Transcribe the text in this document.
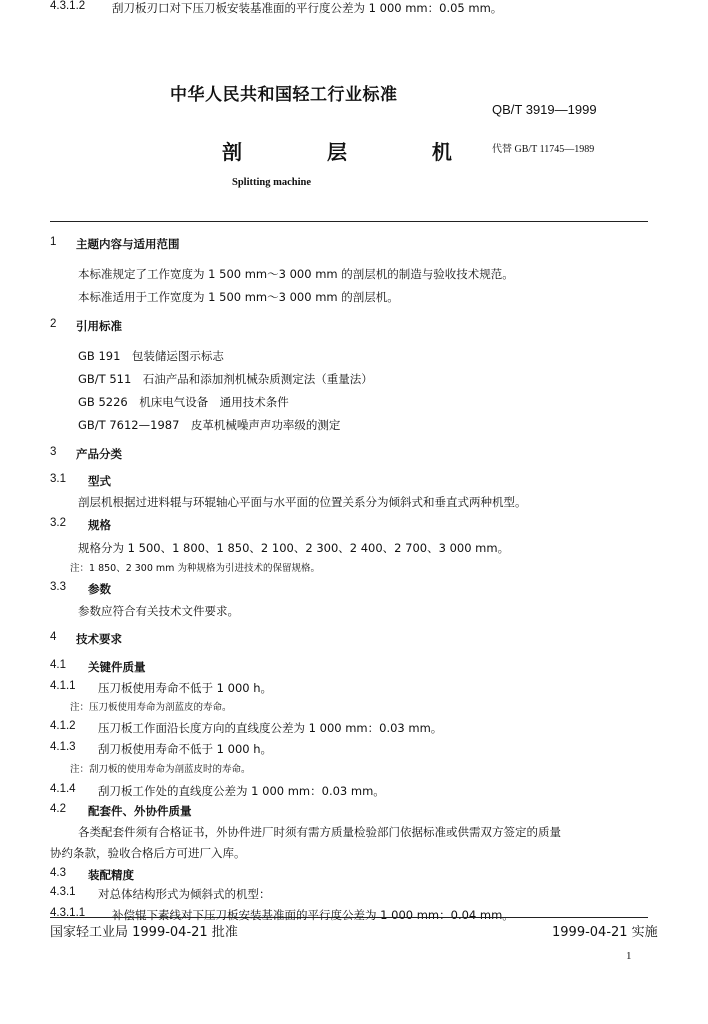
中华人民共和国轻工行业标准
QB/T 3919—1999
剖 层 机 代替 GB/T 11745—1989
Splitting machine
1 主题内容与适用范围
本标准规定了工作宽度为 1 500 mm～3 000 mm 的剖层机的制造与验收技术规范。
本标准适用于工作宽度为 1 500 mm～3 000 mm 的剖层机。
2 引用标准
GB 191　包装储运图示标志
GB/T 511　石油产品和添加剂机械杂质测定法（重量法）
GB 5226　机床电气设备　通用技术条件
GB/T 7612—1987　皮革机械噪声声功率级的测定
3 产品分类
3.1 型式
剖层机根据过进料辊与环辊轴心平面与水平面的位置关系分为倾斜式和垂直式两种机型。
3.2 规格
规格分为 1 500、1 800、1 850、2 100、2 300、2 400、2 700、3 000 mm。
注：1 850、2 300 mm 为种规格为引进技术的保留规格。
3.3 参数
参数应符合有关技术文件要求。
4 技术要求
4.1 关键件质量
4.1.1 压刀板使用寿命不低于 1 000 h。
注：压刀板使用寿命为剖蓝皮的寿命。
4.1.2 压刀板工作面沿长度方向的直线度公差为 1 000 mm：0.03 mm。
4.1.3 刮刀板使用寿命不低于 1 000 h。
注：刮刀板的使用寿命为剖蓝皮时的寿命。
4.1.4 刮刀板工作处的直线度公差为 1 000 mm：0.03 mm。
4.2 配套件、外协件质量
各类配套件须有合格证书，外协件进厂时须有需方质量检验部门依据标准或供需双方签定的质量
协约条款，验收合格后方可进厂入库。
4.3 装配精度
4.3.1 对总体结构形式为倾斜式的机型：
4.3.1.1 补偿辊下素线对下压刀板安装基准面的平行度公差为 1 000 mm：0.04 mm。
4.3.1.2 刮刀板刃口对下压刀板安装基准面的平行度公差为 1 000 mm：0.05 mm。
国家轻工业局 1999-04-21 批准	1999-04-21 实施
1
